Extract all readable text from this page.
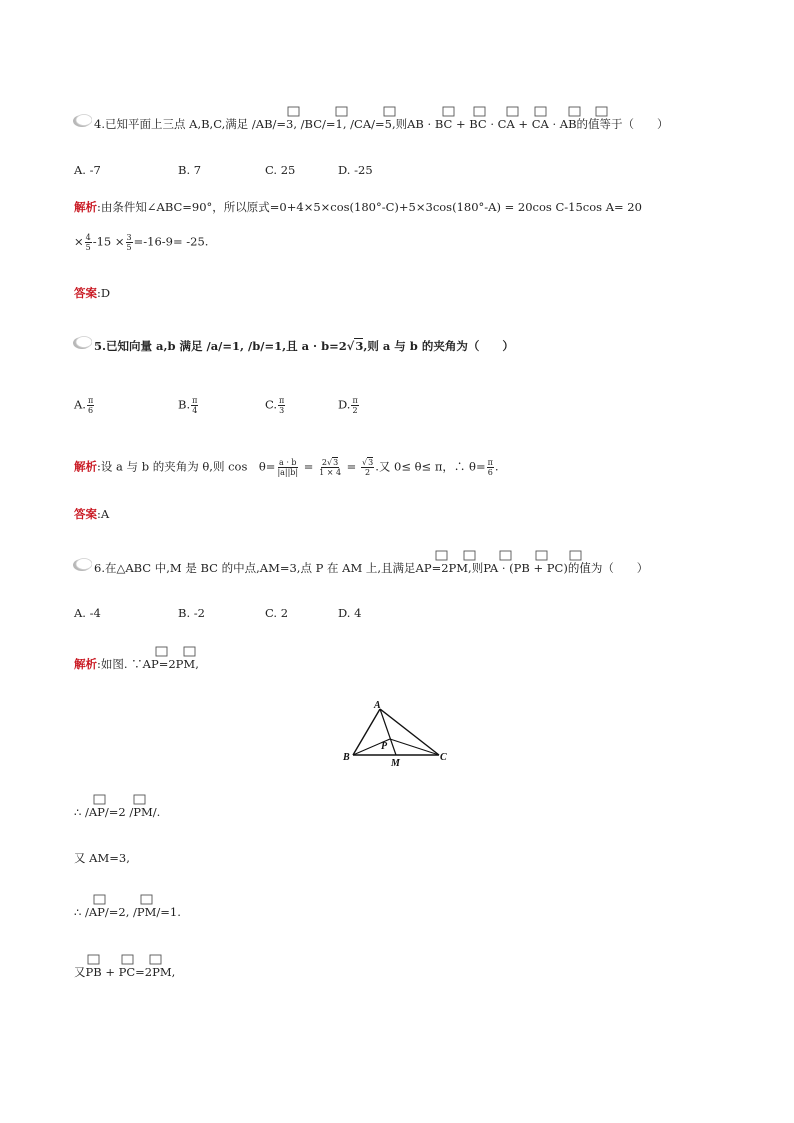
4.已知平面上三点 A,B,C,满足 /AB/=3, /BC/=1, /CA/=5,则AB · BC + BC · CA + CA · AB的值等于（　　）
A. -7	B. 7	C. 25	D. -25
解析:由条件知∠ABC=90°，所以原式=0+4×5×cos(180°-C)+5×3cos(180°-A) = 20cos C-15cos A= 20
× $\frac{4}{5} -15 \times \frac{3}{5} =-16-9= -25$.
答案:D
5.已知向量 a,b 满足 /a/=1, /b/=1,且 a · b=2√3,则 a 与 b 的夹角为（　　）
A. $\frac{\pi}{6}$	B. $\frac{\pi}{4}$	C. $\frac{\pi}{3}$	D. $\frac{\pi}{2}$
解析:设 a 与 b 的夹角为 θ,则 cos　$\theta= \frac{a \cdot b}{|a||b|} = \frac{2√3}{1 \times 4} = \frac{√3}{2}$ .又 0≤ θ≤ π，∴ $\theta= \frac{\pi}{6}$ .
答案:A
6.在△ABC 中,M 是 BC 的中点,AM=3,点 P 在 AM 上,且满足AP=2PM,则PA · (PB + PC)的值为（　　）
A. -4	B. -2	C. 2	D. 4
解析:如图. ∵AP=2PM,
A
B	C
P
M
∴ /AP/=2 /PM/.
又 AM=3,
∴ /AP/=2, /PM/=1.
又PB + PC=2PM,
